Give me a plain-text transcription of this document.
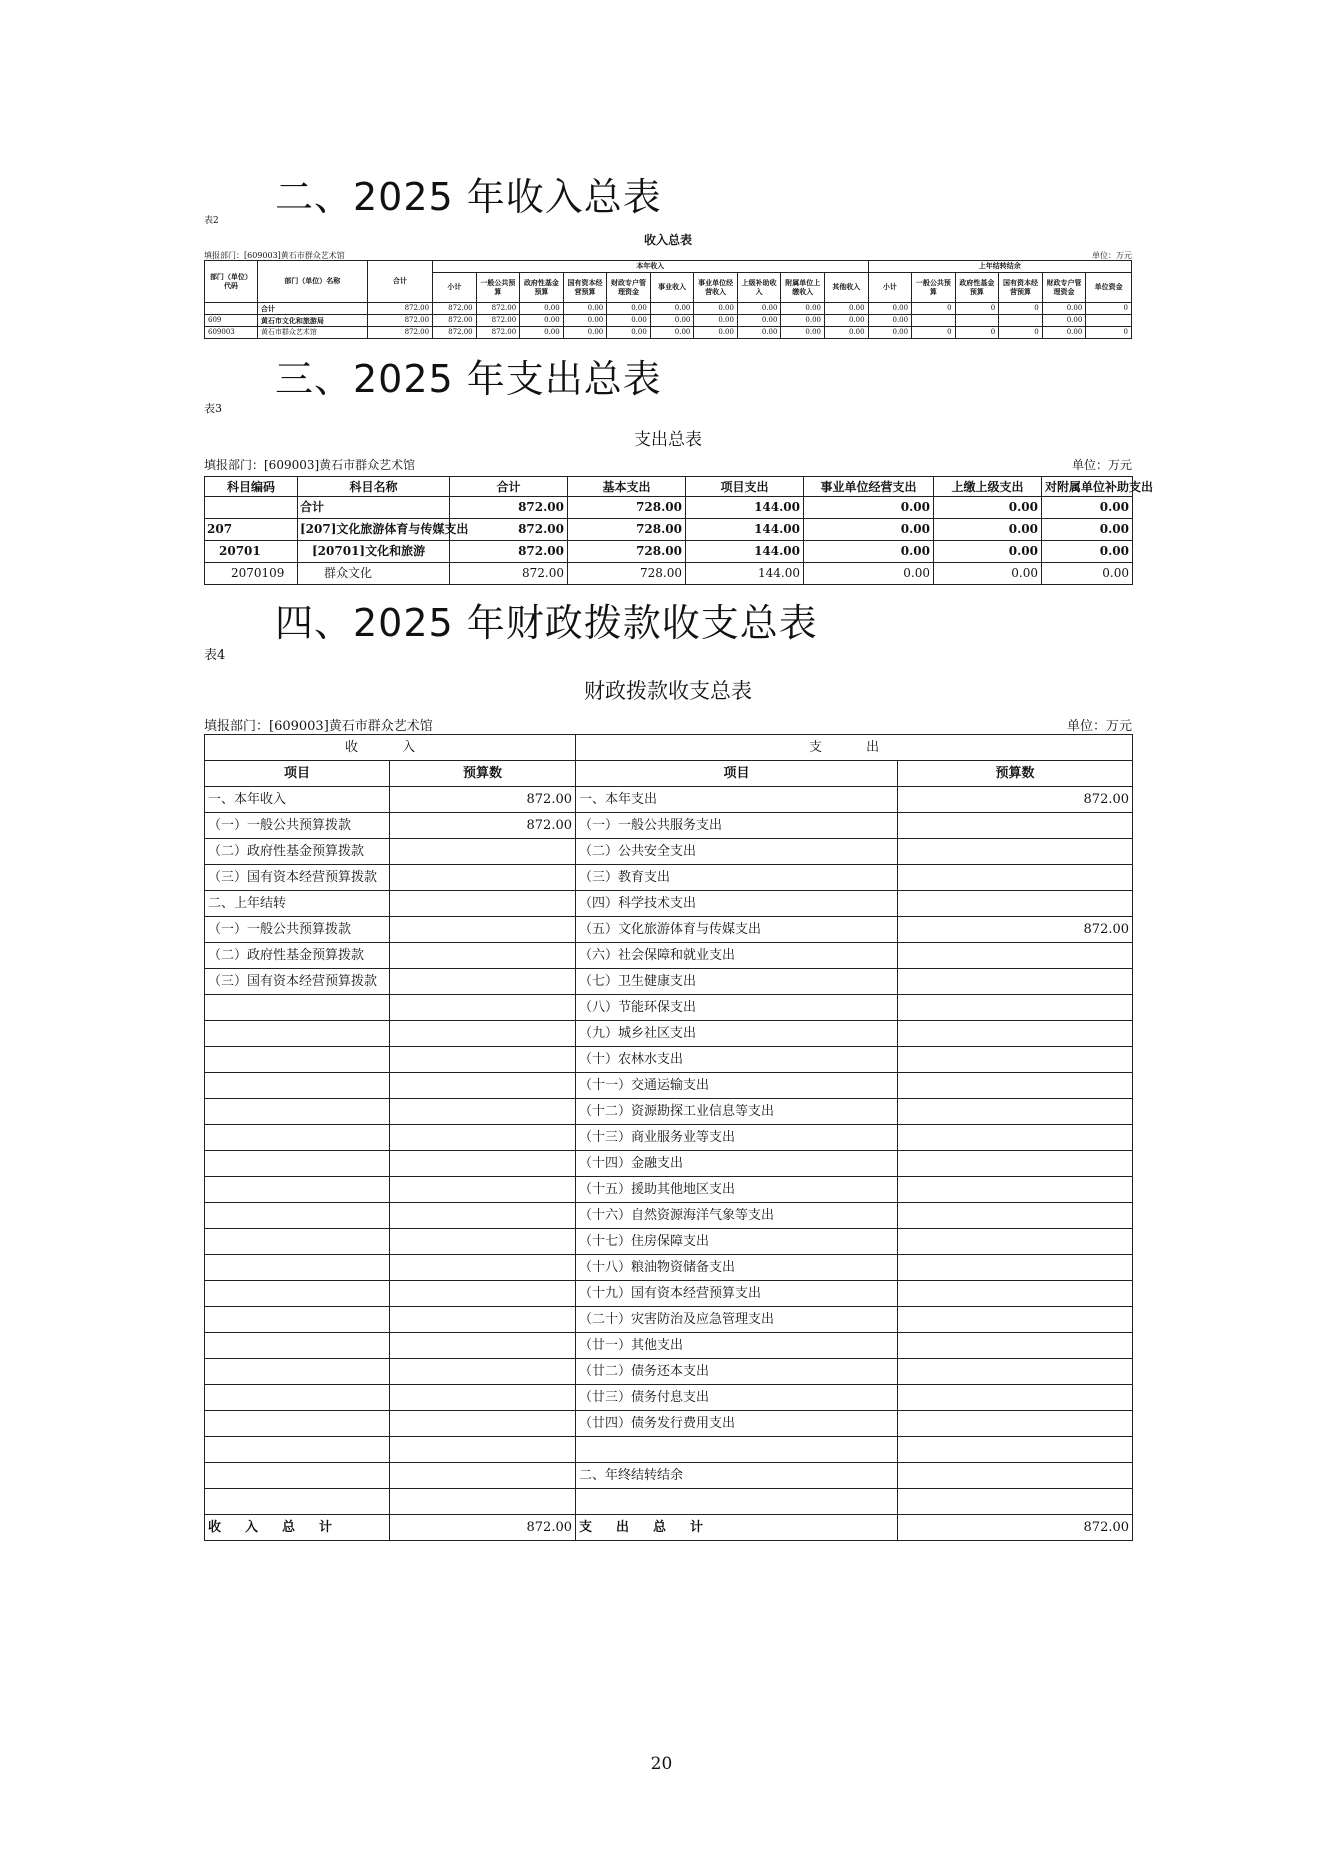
二、2025 年收入总表
表2
收入总表
填报部门：[609003]黄石市群众艺术馆	单位：万元
部门（单位）代码	部门（单位）名称	合计	本年收入										上年结转结余					
			小计	一般公共预算	政府性基金预算	国有资本经营预算	财政专户管理资金	事业收入	事业单位经营收入	上级补助收入	附属单位上缴收入	其他收入	小计	一般公共预算	政府性基金预算	国有资本经营预算	财政专户管理资金	单位资金
	合计	872.00	872.00	872.00	0.00	0.00	0.00	0.00	0.00	0.00	0.00	0.00	0.00	0	0	0	0.00	0
609	黄石市文化和旅游局	872.00	872.00	872.00	0.00	0.00	0.00	0.00	0.00	0.00	0.00	0.00	0.00				0.00	
609003	黄石市群众艺术馆	872.00	872.00	872.00	0.00	0.00	0.00	0.00	0.00	0.00	0.00	0.00	0.00	0	0	0	0.00	0
三、2025 年支出总表
表3
支出总表
填报部门：[609003]黄石市群众艺术馆	单位：万元
科目编码	科目名称	合计	基本支出	项目支出	事业单位经营支出	上缴上级支出	对附属单位补助支出
	合计	872.00	728.00	144.00	0.00	0.00	0.00
207	[207]文化旅游体育与传媒支出	872.00	728.00	144.00	0.00	0.00	0.00
20701	[20701]文化和旅游	872.00	728.00	144.00	0.00	0.00	0.00
2070109	群众文化	872.00	728.00	144.00	0.00	0.00	0.00
四、2025 年财政拨款收支总表
表4
财政拨款收支总表
填报部门：[609003]黄石市群众艺术馆	单位：万元
收 入		支 出	
项目	预算数	项目	预算数
一、本年收入	872.00	一、本年支出	872.00
（一）一般公共预算拨款	872.00	（一）一般公共服务支出	
（二）政府性基金预算拨款		（二）公共安全支出	
（三）国有资本经营预算拨款		（三）教育支出	
二、上年结转		（四）科学技术支出	
（一）一般公共预算拨款		（五）文化旅游体育与传媒支出	872.00
（二）政府性基金预算拨款		（六）社会保障和就业支出	
（三）国有资本经营预算拨款		（七）卫生健康支出	
		（八）节能环保支出	
		（九）城乡社区支出	
		（十）农林水支出	
		（十一）交通运输支出	
		（十二）资源勘探工业信息等支出	
		（十三）商业服务业等支出	
		（十四）金融支出	
		（十五）援助其他地区支出	
		（十六）自然资源海洋气象等支出	
		（十七）住房保障支出	
		（十八）粮油物资储备支出	
		（十九）国有资本经营预算支出	
		（二十）灾害防治及应急管理支出	
		（廿一）其他支出	
		（廿二）债务还本支出	
		（廿三）债务付息支出	
		（廿四）债务发行费用支出	

		二、年终结转结余	

收入总计	872.00	支出总计	872.00
20
